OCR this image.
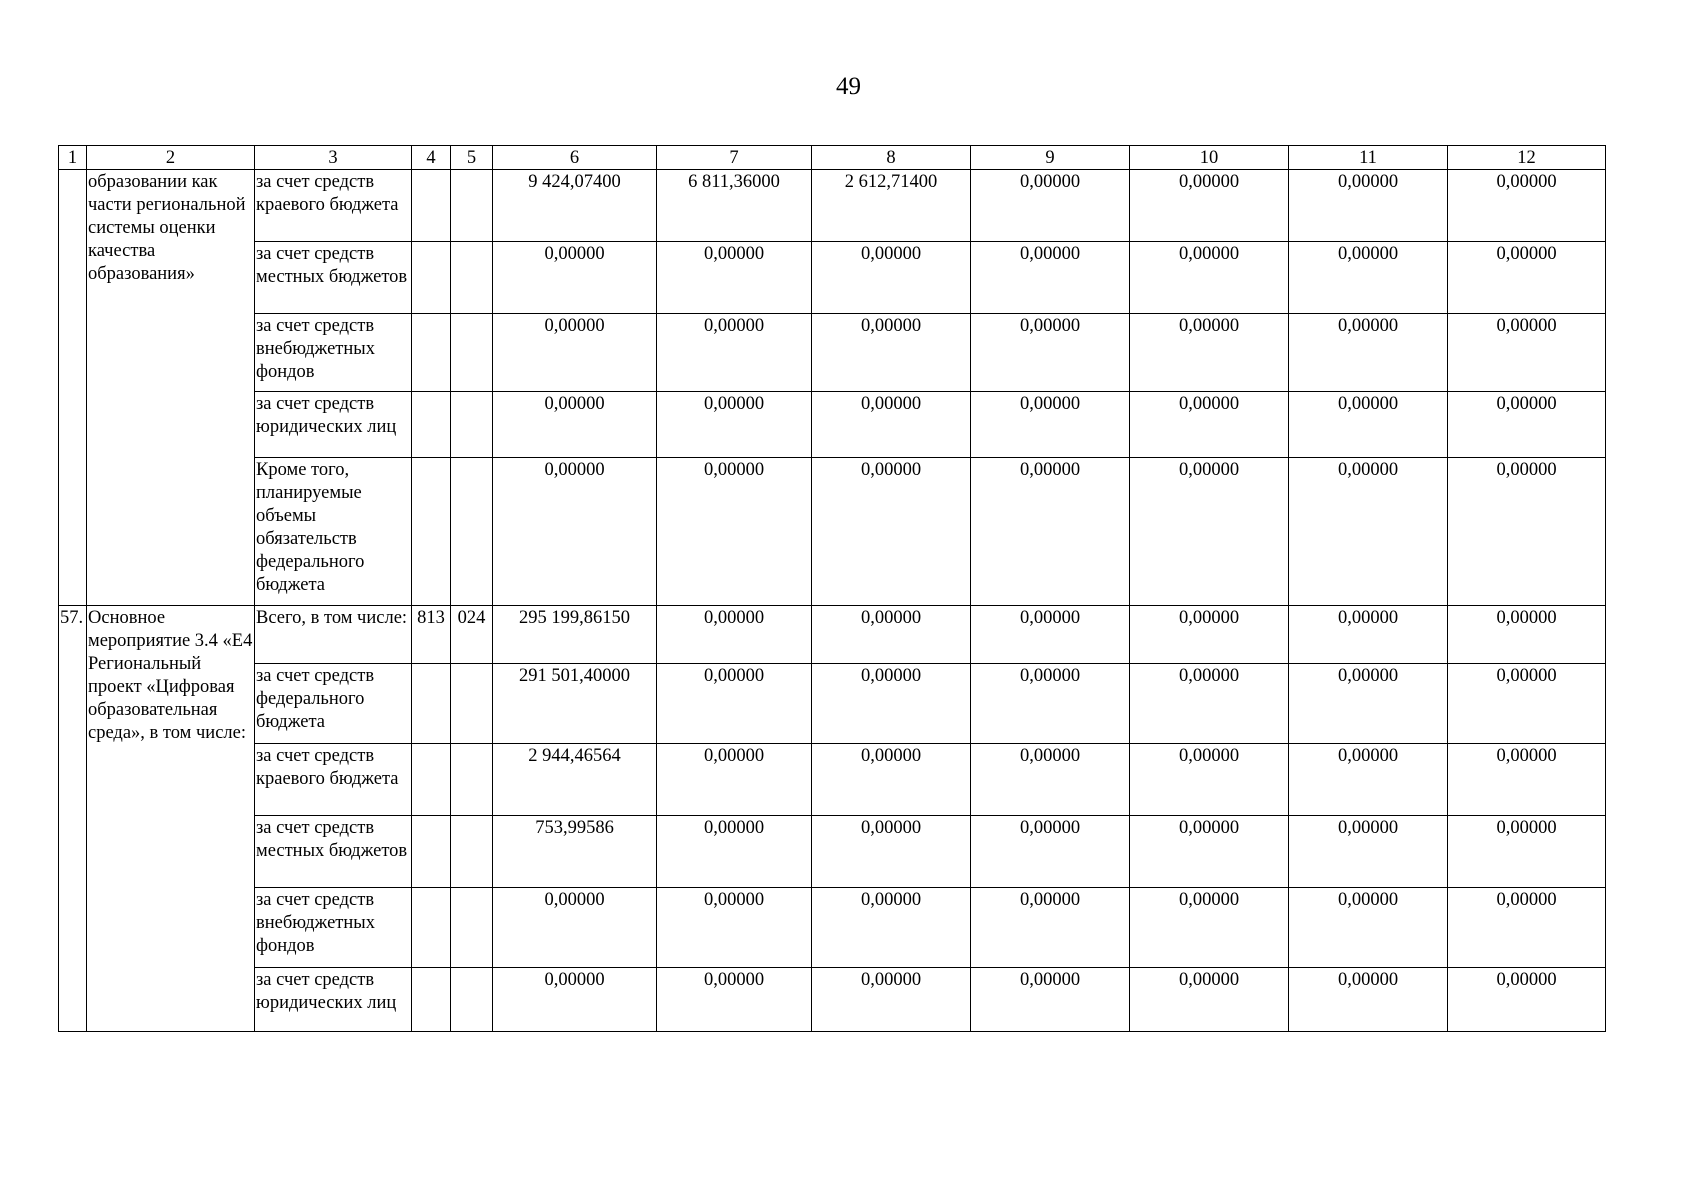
49
1	2	3	4	5	6	7	8	9	10	11	12
	образовании как части региональной системы оценки качества образования»	за счет средств краевого бюджета			9 424,07400	6 811,36000	2 612,71400	0,00000	0,00000	0,00000	0,00000
		за счет средств местных бюджетов			0,00000	0,00000	0,00000	0,00000	0,00000	0,00000	0,00000
		за счет средств внебюджетных фондов			0,00000	0,00000	0,00000	0,00000	0,00000	0,00000	0,00000
		за счет средств юридических лиц			0,00000	0,00000	0,00000	0,00000	0,00000	0,00000	0,00000
		Кроме того, планируемые объемы обязательств федерального бюджета			0,00000	0,00000	0,00000	0,00000	0,00000	0,00000	0,00000
57.	Основное мероприятие 3.4 «Е4 Региональный проект «Цифровая образовательная среда», в том числе:	Всего, в том числе:	813	024	295 199,86150	0,00000	0,00000	0,00000	0,00000	0,00000	0,00000
		за счет средств федерального бюджета			291 501,40000	0,00000	0,00000	0,00000	0,00000	0,00000	0,00000
		за счет средств краевого бюджета			2 944,46564	0,00000	0,00000	0,00000	0,00000	0,00000	0,00000
		за счет средств местных бюджетов			753,99586	0,00000	0,00000	0,00000	0,00000	0,00000	0,00000
		за счет средств внебюджетных фондов			0,00000	0,00000	0,00000	0,00000	0,00000	0,00000	0,00000
		за счет средств юридических лиц			0,00000	0,00000	0,00000	0,00000	0,00000	0,00000	0,00000
